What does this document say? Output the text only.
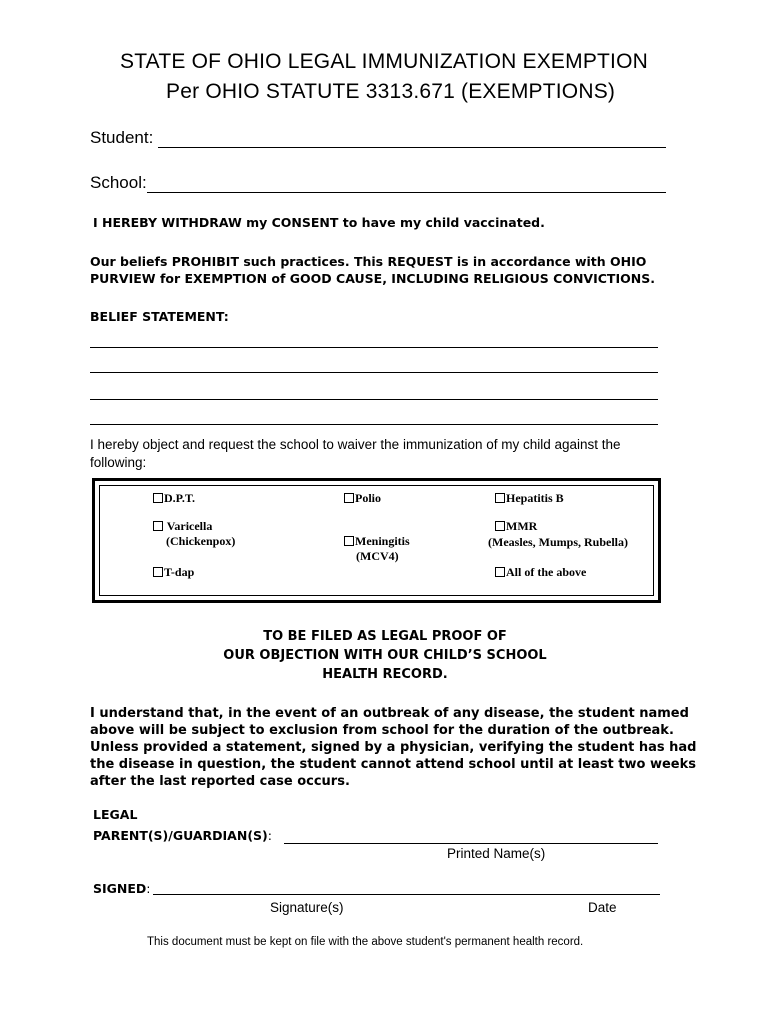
STATE OF OHIO LEGAL IMMUNIZATION EXEMPTION
Per OHIO STATUTE 3313.671 (EXEMPTIONS)
Student:
School:
I HEREBY WITHDRAW my CONSENT to have my child vaccinated.
Our beliefs PROHIBIT such practices. This REQUEST is in accordance with OHIO
PURVIEW for EXEMPTION of GOOD CAUSE, INCLUDING RELIGIOUS CONVICTIONS.
BELIEF STATEMENT:
I hereby object and request the school to waiver the immunization of my child against the
following:
D.P.T.
Varicella
(Chickenpox)
T-dap
Polio
Meningitis
(MCV4)
Hepatitis B
MMR
(Measles, Mumps, Rubella)
All of the above
TO BE FILED AS LEGAL PROOF OF
OUR OBJECTION WITH OUR CHILD’S SCHOOL
HEALTH RECORD.
I understand that, in the event of an outbreak of any disease, the student named
above will be subject to exclusion from school for the duration of the outbreak.
Unless provided a statement, signed by a physician, verifying the student has had
the disease in question, the student cannot attend school until at least two weeks
after the last reported case occurs.
LEGAL
PARENT(S)/GUARDIAN(S):
Printed Name(s)
SIGNED:
Signature(s)	Date
This document must be kept on file with the above student's permanent health record.
